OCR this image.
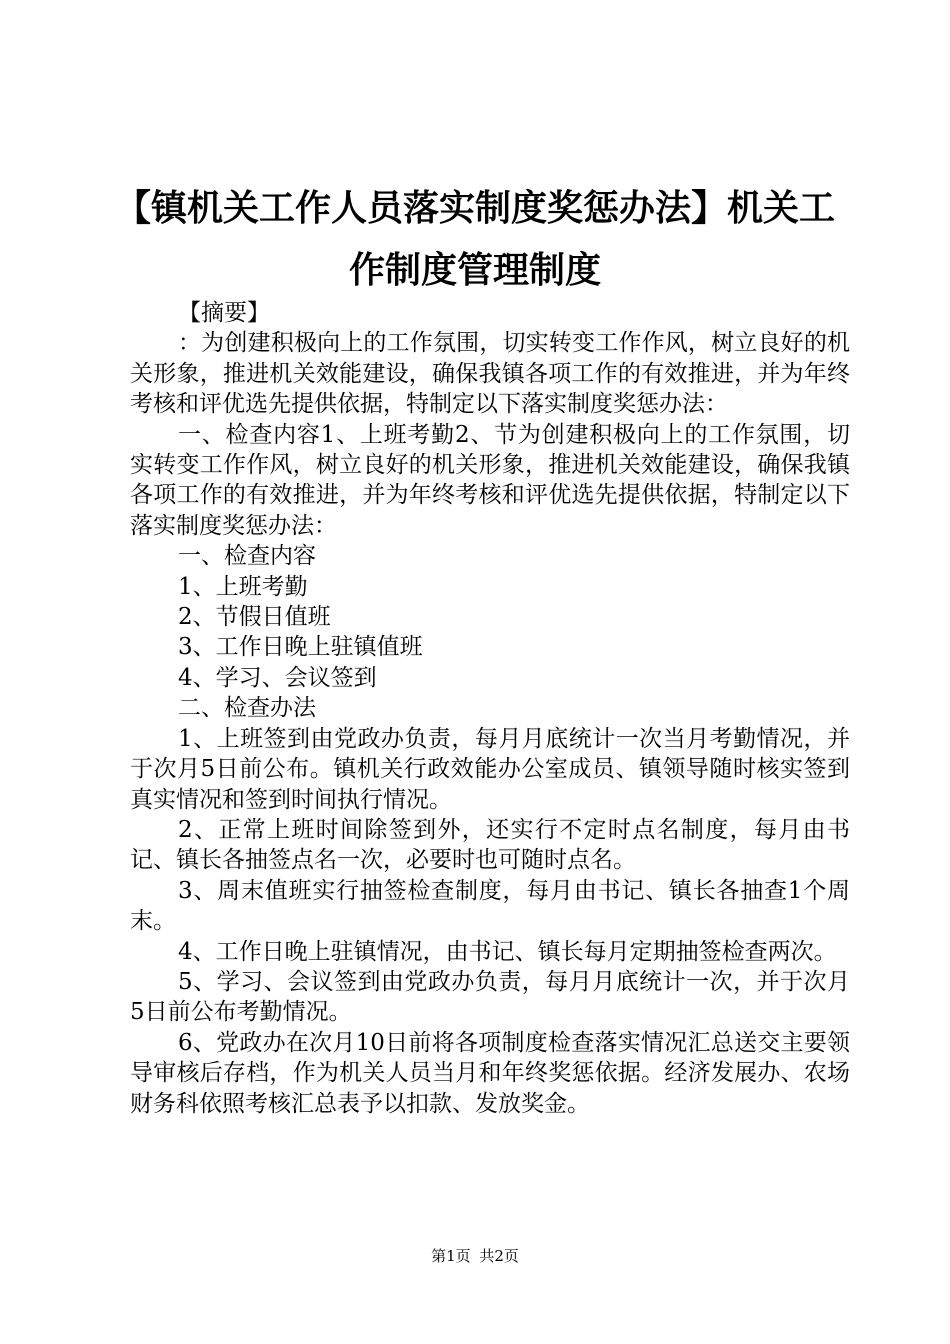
【镇机关工作人员落实制度奖惩办法】机关工
作制度管理制度

【摘要】

：为创建积极向上的工作氛围，切实转变工作作风，树立良好的机关形象，推进机关效能建设，确保我镇各项工作的有效推进，并为年终考核和评优选先提供依据，特制定以下落实制度奖惩办法：

一、检查内容1、上班考勤2、节为创建积极向上的工作氛围，切实转变工作作风，树立良好的机关形象，推进机关效能建设，确保我镇各项工作的有效推进，并为年终考核和评优选先提供依据，特制定以下落实制度奖惩办法：

一、检查内容

1、上班考勤

2、节假日值班

3、工作日晚上驻镇值班

4、学习、会议签到

二、检查办法

1、上班签到由党政办负责，每月月底统计一次当月考勤情况，并于次月5日前公布。镇机关行政效能办公室成员、镇领导随时核实签到真实情况和签到时间执行情况。

2、正常上班时间除签到外，还实行不定时点名制度，每月由书记、镇长各抽签点名一次，必要时也可随时点名。

3、周末值班实行抽签检查制度，每月由书记、镇长各抽查1个周末。

4、工作日晚上驻镇情况，由书记、镇长每月定期抽签检查两次。

5、学习、会议签到由党政办负责，每月月底统计一次，并于次月5日前公布考勤情况。

6、党政办在次月10日前将各项制度检查落实情况汇总送交主要领导审核后存档，作为机关人员当月和年终奖惩依据。经济发展办、农场财务科依照考核汇总表予以扣款、发放奖金。

第1页 共2页
